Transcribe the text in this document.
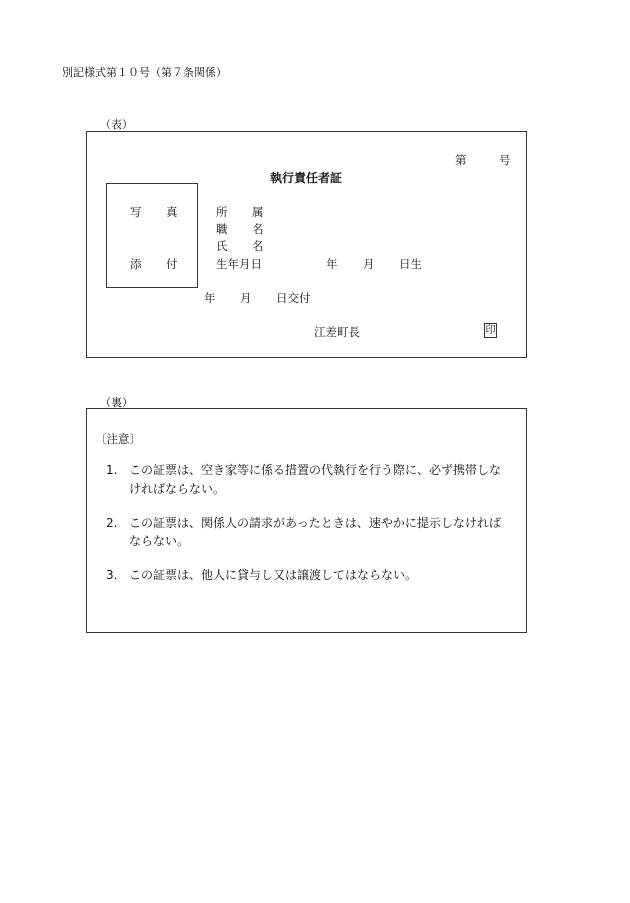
別記様式第１０号（第７条関係）
（表）
第	号
執行責任者証
写 真
添 付
所 属
職 名
氏 名
生年月日	年 月 日生
年 月 日交付
江差町長	印
（裏）
〔注意〕
1. この証票は、空き家等に係る措置の代執行を行う際に、必ず携帯しな
ければならない。
2. この証票は、関係人の請求があったときは、速やかに提示しなければ
ならない。
3. この証票は、他人に貸与し又は譲渡してはならない。
